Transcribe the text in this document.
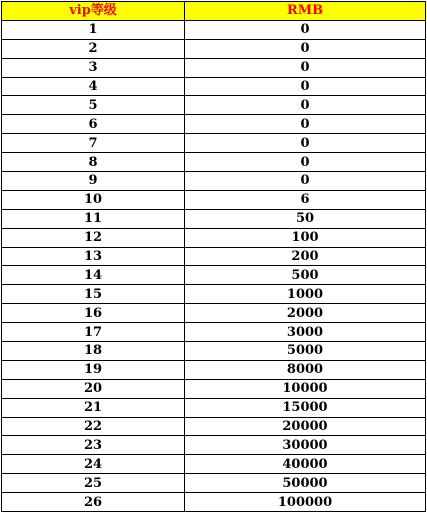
vip等级	RMB
1	0
2	0
3	0
4	0
5	0
6	0
7	0
8	0
9	0
10	6
11	50
12	100
13	200
14	500
15	1000
16	2000
17	3000
18	5000
19	8000
20	10000
21	15000
22	20000
23	30000
24	40000
25	50000
26	100000
